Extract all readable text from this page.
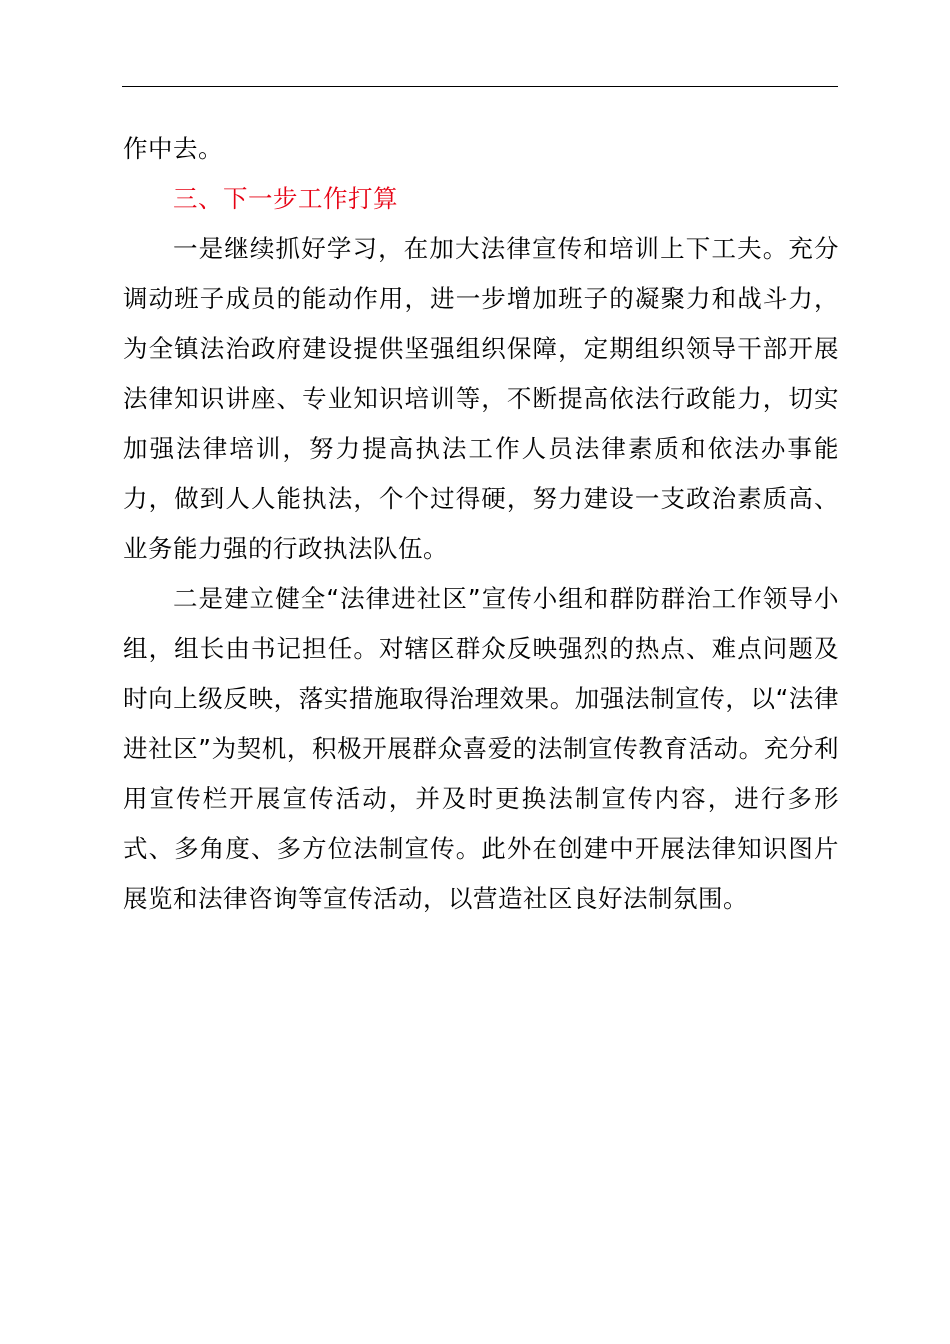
作中去。

三、下一步工作打算

一是继续抓好学习，在加大法律宣传和培训上下工夫。充分调动班子成员的能动作用，进一步增加班子的凝聚力和战斗力，为全镇法治政府建设提供坚强组织保障，定期组织领导干部开展法律知识讲座、专业知识培训等，不断提高依法行政能力，切实加强法律培训，努力提高执法工作人员法律素质和依法办事能力，做到人人能执法，个个过得硬，努力建设一支政治素质高、业务能力强的行政执法队伍。

二是建立健全“法律进社区”宣传小组和群防群治工作领导小组，组长由书记担任。对辖区群众反映强烈的热点、难点问题及时向上级反映，落实措施取得治理效果。加强法制宣传，以“法律进社区”为契机，积极开展群众喜爱的法制宣传教育活动。充分利用宣传栏开展宣传活动，并及时更换法制宣传内容，进行多形式、多角度、多方位法制宣传。此外在创建中开展法律知识图片展览和法律咨询等宣传活动，以营造社区良好法制氛围。
